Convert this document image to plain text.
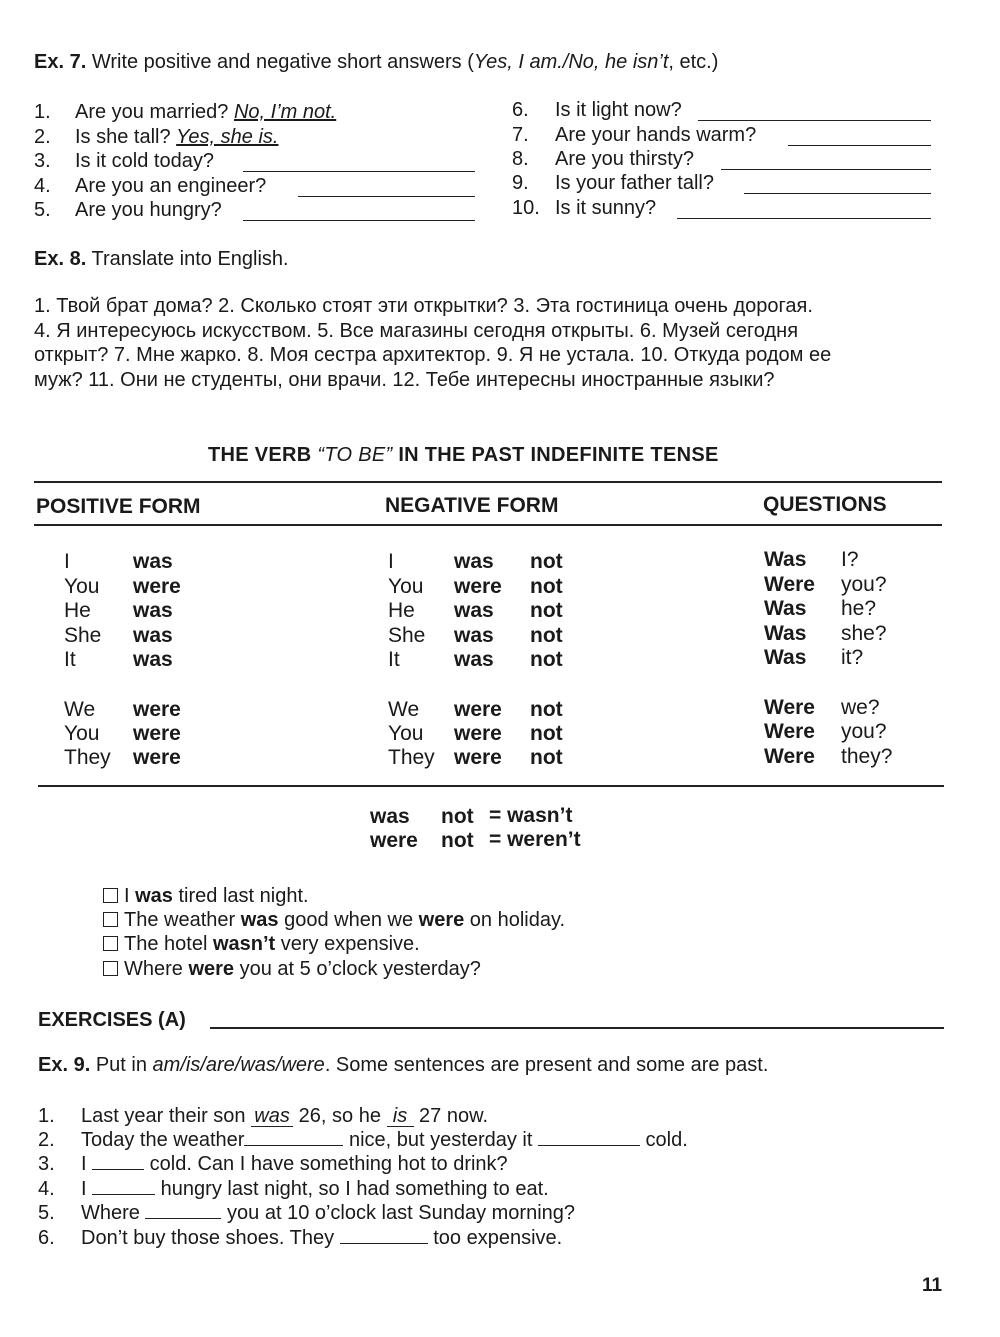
Ex. 7. Write positive and negative short answers (Yes, I am./No, he isn’t, etc.)
1. Are you married? No, I’m not.
2. Is she tall? Yes, she is.
3. Is it cold today?
4. Are you an engineer?
5. Are you hungry?
6. Is it light now?
7. Are your hands warm?
8. Are you thirsty?
9. Is your father tall?
10. Is it sunny?
Ex. 8. Translate into English.
1. Твой брат дома? 2. Сколько стоят эти открытки? 3. Эта гостиница очень дорогая.
4. Я интересуюсь искусством. 5. Все магазины сегодня открыты. 6. Музей сегодня
открыт? 7. Мне жарко. 8. Моя сестра архитектор. 9. Я не устала. 10. Откуда родом ее
муж? 11. Они не студенты, они врачи. 12. Тебе интересны иностранные языки?
THE VERB “TO BE” IN THE PAST INDEFINITE TENSE
POSITIVE FORM	NEGATIVE FORM	QUESTIONS
I	was	I	was not	Was I?
You were	You were not	Were you?
He was	He was not	Was he?
She was	She was not	Was she?
It	was	It	was not	Was it?
We were	We were not	Were we?
You were	You were not	Were you?
They were	They were not	Were they?
was not = wasn’t
were not = weren’t
I was tired last night.
The weather was good when we were on holiday.
The hotel wasn’t very expensive.
Where were you at 5 o’clock yesterday?
EXERCISES (A)
Ex. 9. Put in am/is/are/was/were. Some sentences are present and some are past.
1. Last year their son was 26, so he is 27 now.
2. Today the weather	nice, but yesterday it	cold.
3. I	cold. Can I have something hot to drink?
4. I	hungry last night, so I had something to eat.
5. Where	you at 10 o’clock last Sunday morning?
6. Don’t buy those shoes. They	too expensive.
11
